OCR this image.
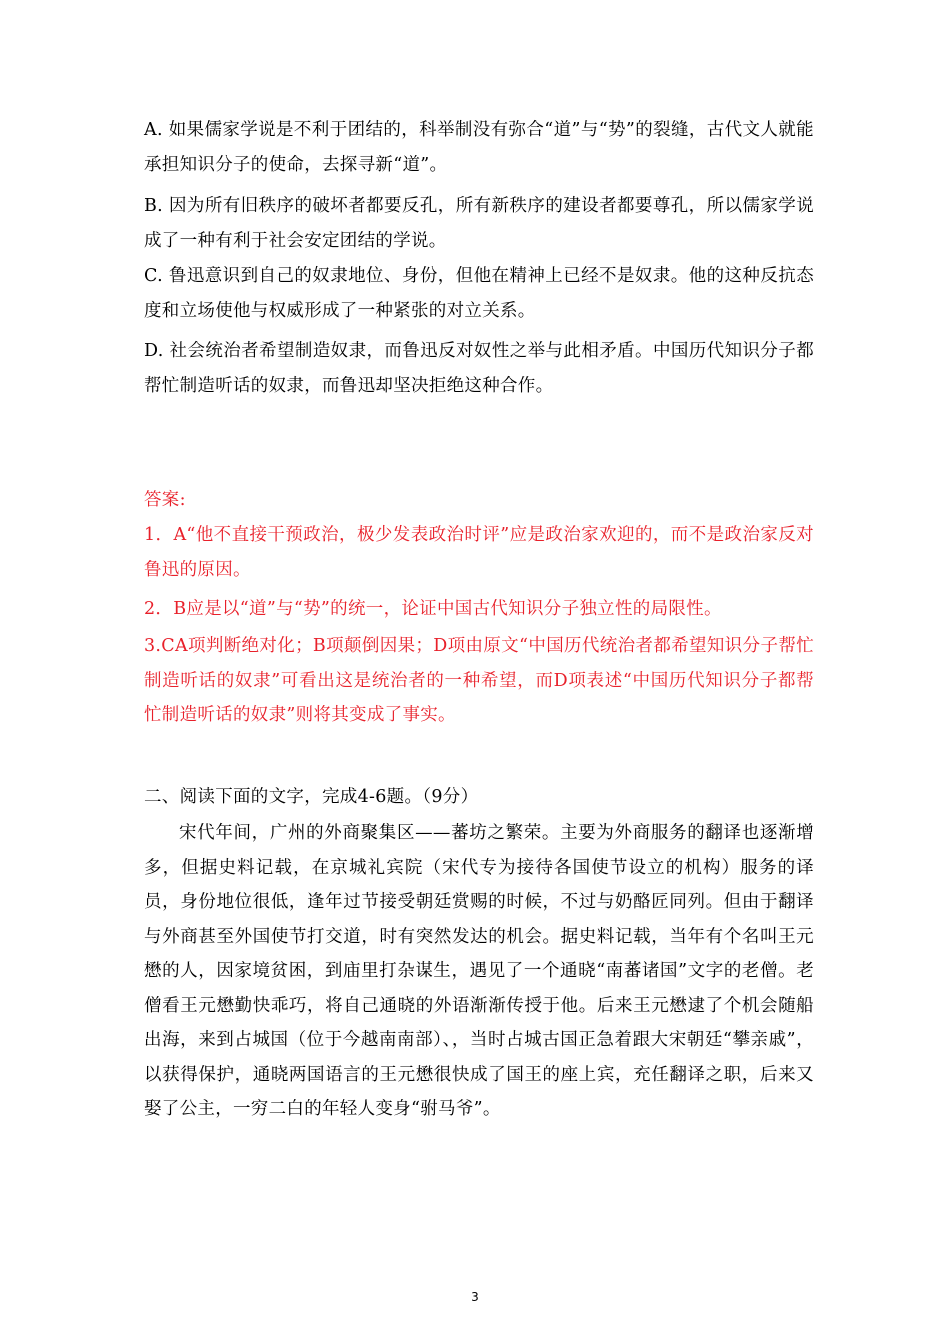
A. 如果儒家学说是不利于团结的，科举制没有弥合“道”与“势”的裂缝，古代文人就能承担知识分子的使命，去探寻新“道”。

B. 因为所有旧秩序的破坏者都要反孔，所有新秩序的建设者都要尊孔，所以儒家学说成了一种有利于社会安定团结的学说。

C. 鲁迅意识到自己的奴隶地位、身份，但他在精神上已经不是奴隶。他的这种反抗态度和立场使他与权威形成了一种紧张的对立关系。

D. 社会统治者希望制造奴隶，而鲁迅反对奴性之举与此相矛盾。中国历代知识分子都帮忙制造听话的奴隶，而鲁迅却坚决拒绝这种合作。

答案:

1．A“他不直接干预政治，极少发表政治时评”应是政治家欢迎的，而不是政治家反对鲁迅的原因。

2．B应是以“道”与“势”的统一，论证中国古代知识分子独立性的局限性。

3.CA项判断绝对化；B项颠倒因果；D项由原文“中国历代统治者都希望知识分子帮忙制造听话的奴隶”可看出这是统治者的一种希望，而D项表述“中国历代知识分子都帮忙制造听话的奴隶”则将其变成了事实。

二、阅读下面的文字，完成4-6题。（9分）

宋代年间，广州的外商聚集区——蕃坊之繁荣。主要为外商服务的翻译也逐渐增多，但据史料记载，在京城礼宾院（宋代专为接待各国使节设立的机构）服务的译员，身份地位很低，逢年过节接受朝廷赏赐的时候，不过与奶酪匠同列。但由于翻译与外商甚至外国使节打交道，时有突然发达的机会。据史料记载，当年有个名叫王元懋的人，因家境贫困，到庙里打杂谋生，遇见了一个通晓“南蕃诸国”文字的老僧。老僧看王元懋勤快乖巧，将自己通晓的外语渐渐传授于他。后来王元懋逮了个机会随船出海，来到占城国（位于今越南南部）、，当时占城古国正急着跟大宋朝廷“攀亲戚”，以获得保护，通晓两国语言的王元懋很快成了国王的座上宾，充任翻译之职，后来又娶了公主，一穷二白的年轻人变身“驸马爷”。

3
